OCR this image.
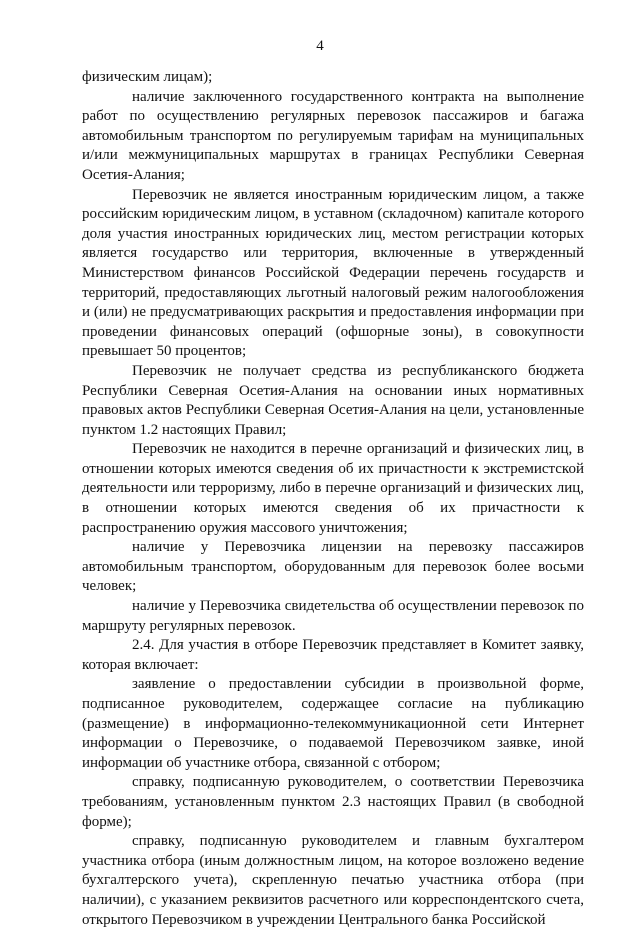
4

физическим лицам);

наличие заключенного государственного контракта на выполнение работ по осуществлению регулярных перевозок пассажиров и багажа автомобильным транспортом по регулируемым тарифам на муниципальных и/или межмуниципальных маршрутах в границах Республики Северная Осетия-Алания;

Перевозчик не является иностранным юридическим лицом, а также российским юридическим лицом, в уставном (складочном) капитале которого доля участия иностранных юридических лиц, местом регистрации которых является государство или территория, включенные в утвержденный Министерством финансов Российской Федерации перечень государств и территорий, предоставляющих льготный налоговый режим налогообложения и (или) не предусматривающих раскрытия и предоставления информации при проведении финансовых операций (офшорные зоны), в совокупности превышает 50 процентов;

Перевозчик не получает средства из республиканского бюджета Республики Северная Осетия-Алания на основании иных нормативных правовых актов Республики Северная Осетия-Алания на цели, установленные пунктом 1.2 настоящих Правил;

Перевозчик не находится в перечне организаций и физических лиц, в отношении которых имеются сведения об их причастности к экстремистской деятельности или терроризму, либо в перечне организаций и физических лиц, в отношении которых имеются сведения об их причастности к распространению оружия массового уничтожения;

наличие у Перевозчика лицензии на перевозку пассажиров автомобильным транспортом, оборудованным для перевозок более восьми человек;

наличие у Перевозчика свидетельства об осуществлении перевозок по маршруту регулярных перевозок.

2.4. Для участия в отборе Перевозчик представляет в Комитет заявку, которая включает:

заявление о предоставлении субсидии в произвольной форме, подписанное руководителем, содержащее согласие на публикацию (размещение) в информационно-телекоммуникационной сети Интернет информации о Перевозчике, о подаваемой Перевозчиком заявке, иной информации об участнике отбора, связанной с отбором;

справку, подписанную руководителем, о соответствии Перевозчика требованиям, установленным пунктом 2.3 настоящих Правил (в свободной форме);

справку, подписанную руководителем и главным бухгалтером участника отбора (иным должностным лицом, на которое возложено ведение бухгалтерского учета), скрепленную печатью участника отбора (при наличии), с указанием реквизитов расчетного или корреспондентского счета, открытого Перевозчиком в учреждении Центрального банка Российской
